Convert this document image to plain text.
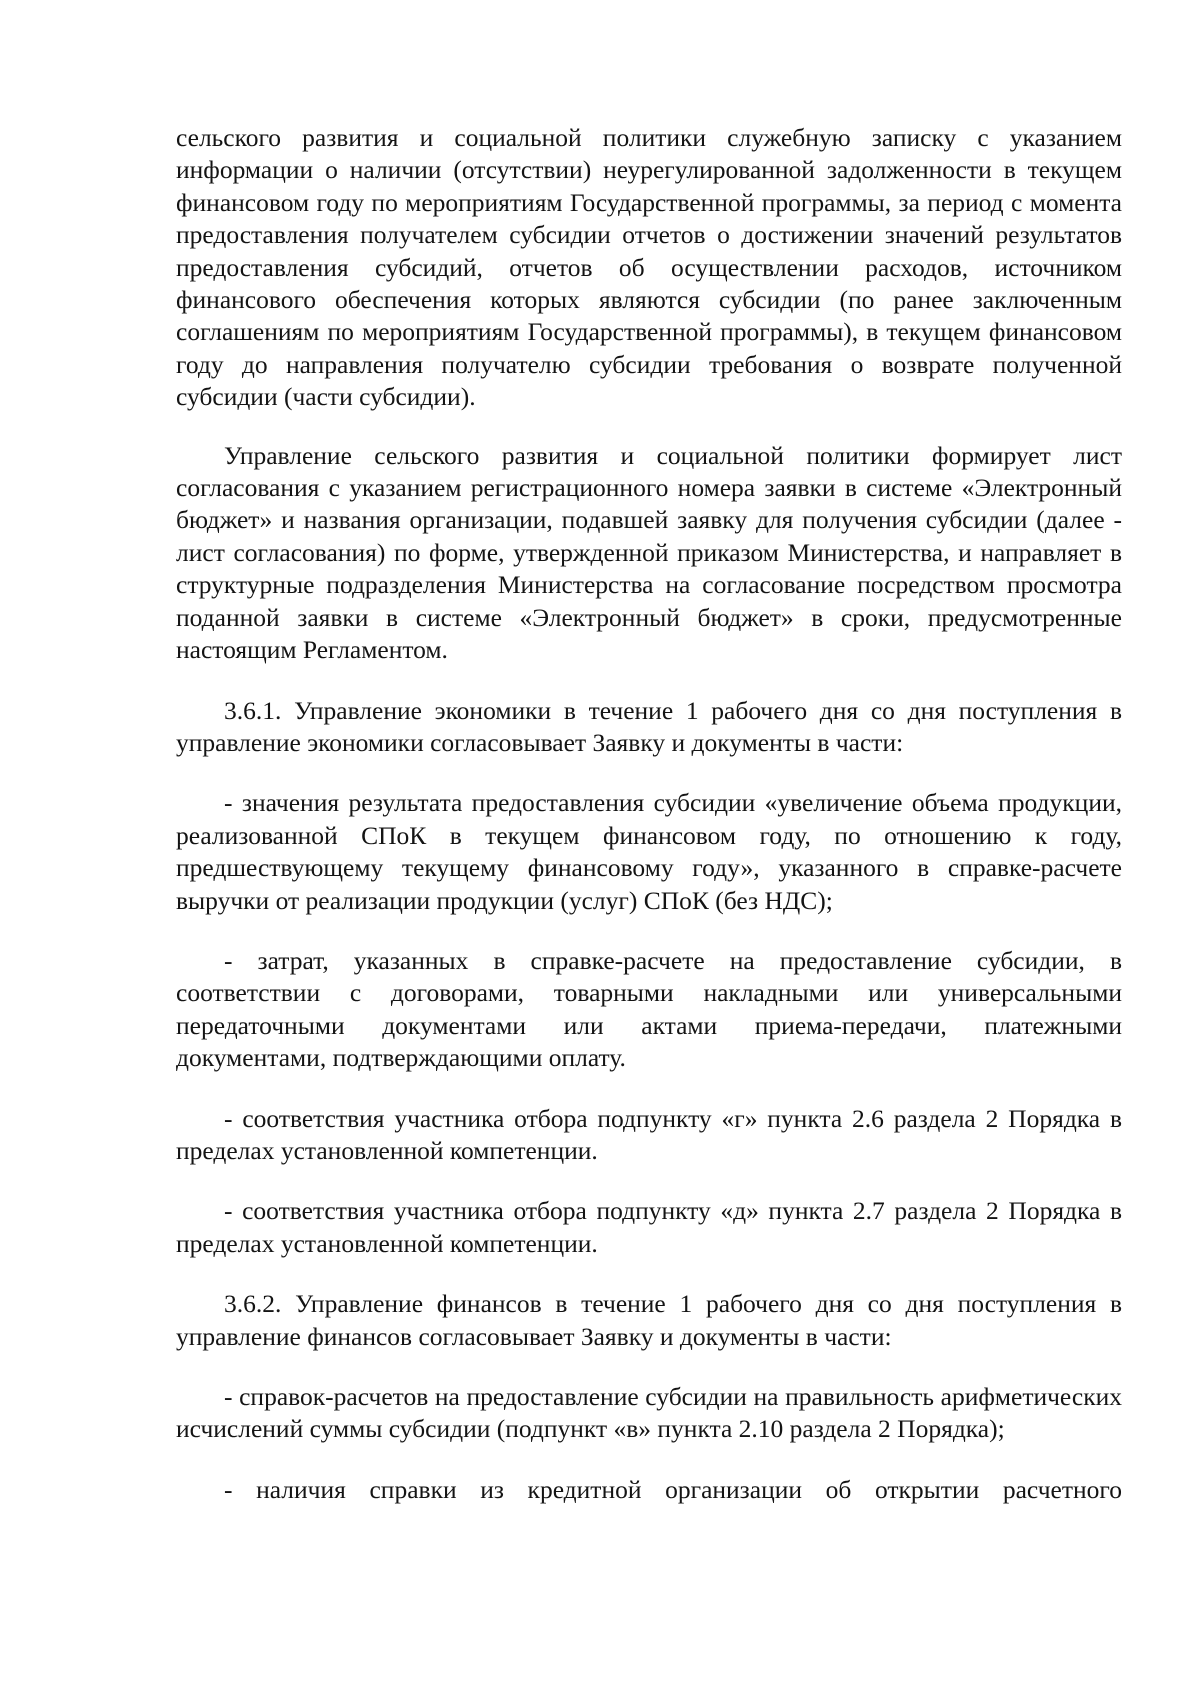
сельского развития и социальной политики служебную записку с указанием информации о наличии (отсутствии) неурегулированной задолженности в текущем финансовом году по мероприятиям Государственной программы, за период с момента предоставления получателем субсидии отчетов о достижении значений результатов предоставления субсидий, отчетов об осуществлении расходов, источником финансового обеспечения которых являются субсидии (по ранее заключенным соглашениям по мероприятиям Государственной программы), в текущем финансовом году до направления получателю субсидии требования о возврате полученной субсидии (части субсидии).

Управление сельского развития и социальной политики формирует лист согласования с указанием регистрационного номера заявки в системе «Электронный бюджет» и названия организации, подавшей заявку для получения субсидии (далее - лист согласования) по форме, утвержденной приказом Министерства, и направляет в структурные подразделения Министерства на согласование посредством просмотра поданной заявки в системе «Электронный бюджет» в сроки, предусмотренные настоящим Регламентом.

3.6.1. Управление экономики в течение 1 рабочего дня со дня поступления в управление экономики согласовывает Заявку и документы в части:

- значения результата предоставления субсидии «увеличение объема продукции, реализованной СПоК в текущем финансовом году, по отношению к году, предшествующему текущему финансовому году», указанного в справке-расчете выручки от реализации продукции (услуг) СПоК (без НДС);

- затрат, указанных в справке-расчете на предоставление субсидии, в соответствии с договорами, товарными накладными или универсальными передаточными документами или актами приема-передачи, платежными документами, подтверждающими оплату.

- соответствия участника отбора подпункту «г» пункта 2.6 раздела 2 Порядка в пределах установленной компетенции.

- соответствия участника отбора подпункту «д» пункта 2.7 раздела 2 Порядка в пределах установленной компетенции.

3.6.2. Управление финансов в течение 1 рабочего дня со дня поступления в управление финансов согласовывает Заявку и документы в части:

- справок-расчетов на предоставление субсидии на правильность арифметических исчислений суммы субсидии (подпункт «в» пункта 2.10 раздела 2 Порядка);

- наличия справки из кредитной организации об открытии расчетного
